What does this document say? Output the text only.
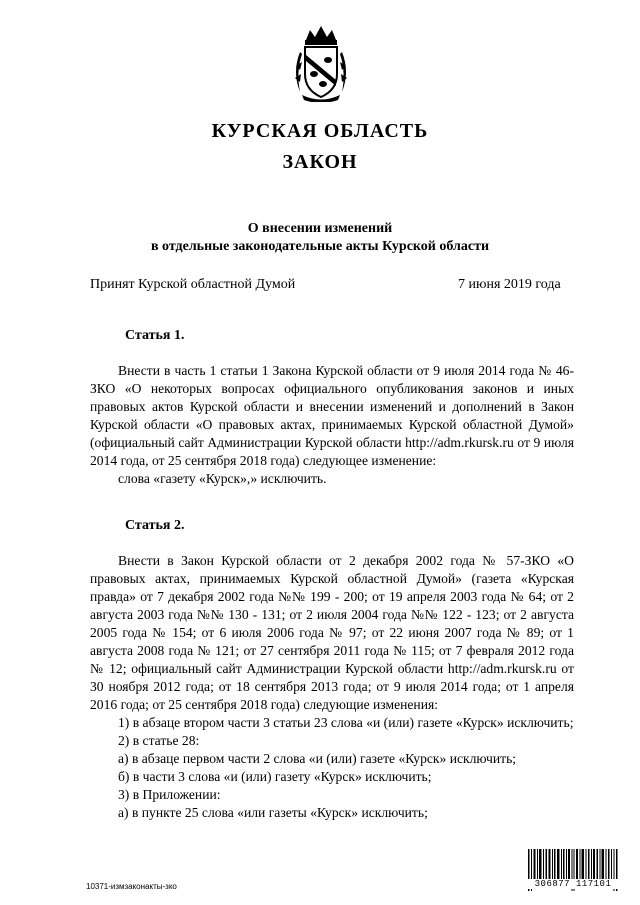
КУРСКАЯ ОБЛАСТЬ
ЗАКОН
О внесении изменений
в отдельные законодательные акты Курской области
Принят Курской областной Думой	7 июня 2019 года
Статья 1.

Внести в часть 1 статьи 1 Закона Курской области от 9 июля 2014 года № 46-ЗКО «О некоторых вопросах официального опубликования законов и иных правовых актов Курской области и внесении изменений и дополнений в Закон Курской области «О правовых актах, принимаемых Курской областной Думой» (официальный сайт Администрации Курской области http://adm.rkursk.ru от 9 июля 2014 года, от 25 сентября 2018 года) следующее изменение:

слова «газету «Курск»,» исключить.

Статья 2.

Внести в Закон Курской области от 2 декабря 2002 года № 57-ЗКО «О правовых актах, принимаемых Курской областной Думой» (газета «Курская правда» от 7 декабря 2002 года №№ 199 - 200; от 19 апреля 2003 года № 64; от 2 августа 2003 года №№ 130 - 131; от 2 июля 2004 года №№ 122 - 123; от 2 августа 2005 года № 154; от 6 июля 2006 года № 97; от 22 июня 2007 года № 89; от 1 августа 2008 года № 121; от 27 сентября 2011 года № 115; от 7 февраля 2012 года № 12; официальный сайт Администрации Курской области http://adm.rkursk.ru от 30 ноября 2012 года; от 18 сентября 2013 года; от 9 июля 2014 года; от 1 апреля 2016 года; от 25 сентября 2018 года) следующие изменения:

1) в абзаце втором части 3 статьи 23 слова «и (или) газете «Курск» исключить;

2) в статье 28:

а) в абзаце первом части 2 слова «и (или) газете «Курск» исключить;

б) в части 3 слова «и (или) газету «Курск» исключить;

3) в Приложении:

а) в пункте 25 слова «или газеты «Курск» исключить;

306877 117101
10371-измзаконакты-зко
